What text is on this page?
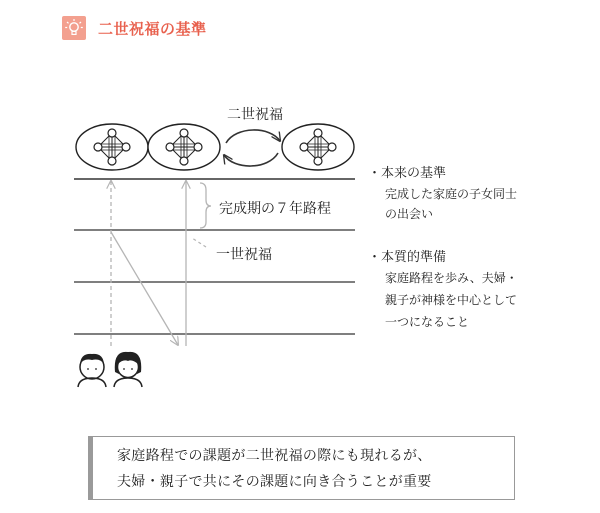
二世祝福の基準
二世祝福
完成期の７年路程
一世祝福
・本来の基準
完成した家庭の子女同士
の出会い
・本質的準備
家庭路程を歩み、夫婦・
親子が神様を中心として
一つになること
家庭路程での課題が二世祝福の際にも現れるが、
夫婦・親子で共にその課題に向き合うことが重要
